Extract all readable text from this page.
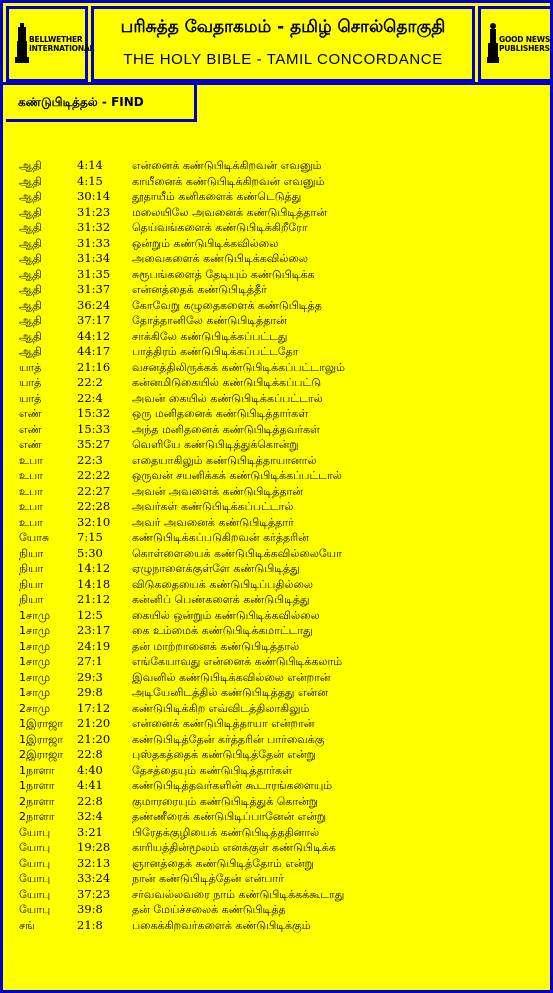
BELLWETHER
INTERNATIONAL
பரிசுத்த வேதாகமம் - தமிழ் சொல்தொகுதி
THE HOLY BIBLE - TAMIL CONCORDANCE
GOOD NEWS
PUBLISHERS
கண்டுபிடித்தல் - FIND
ஆதி	4:14	என்னைக் கண்டுபிடிக்கிறவன் எவனும்
ஆதி	4:15	காயீனைக் கண்டுபிடிக்கிறவன் எவனும்
ஆதி	30:14	தூதாயீம் கனிகளைக் கண்டெடுத்து
ஆதி	31:23	மலையிலே அவனைக் கண்டுபிடித்தான்
ஆதி	31:32	தெய்வங்களைக் கண்டுபிடிக்கிறீரோ
ஆதி	31:33	ஒன்றும் கண்டுபிடிக்கவில்லை
ஆதி	31:34	அவைகளைக் கண்டுபிடிக்கவில்லை
ஆதி	31:35	சுரூபங்களைத் தேடியும் கண்டுபிடிக்க
ஆதி	31:37	என்னத்தைக் கண்டுபிடித்தீர்
ஆதி	36:24	கோவேறு கழுதைகளைக் கண்டுபிடித்த
ஆதி	37:17	தோத்தானிலே கண்டுபிடித்தான்
ஆதி	44:12	சாக்கிலே கண்டுபிடிக்கப்பட்டது
ஆதி	44:17	பாத்திரம் கண்டுபிடிக்கப்பட்டதோ
யாத்	21:16	வசனத்திலிருக்கக் கண்டுபிடிக்கப்பட்டாலும்
யாத்	22:2	கன்னமிடுகையில் கண்டுபிடிக்கப்பட்டு
யாத்	22:4	அவன் கையில் கண்டுபிடிக்கப்பட்டால்
எண்	15:32	ஒரு மனிதனைக் கண்டுபிடித்தார்கள்
எண்	15:33	அந்த மனிதனைக் கண்டுபிடித்தவர்கள்
எண்	35:27	வெளியே கண்டுபிடித்துக்கொன்று
உபா	22:3	எதையாகிலும் கண்டுபிடித்தாயானால்
உபா	22:22	ஒருவன் சயனிக்கக் கண்டுபிடிக்கப்பட்டால்
உபா	22:27	அவன் அவளைக் கண்டுபிடித்தான்
உபா	22:28	அவர்கள் கண்டுபிடிக்கப்பட்டால்
உபா	32:10	அவர் அவனைக் கண்டுபிடித்தார்
யோசு	7:15	கண்டுபிடிக்கப்படுகிறவன் கர்த்தரின்
நியா	5:30	கொள்ளையைக் கண்டுபிடிக்கவில்லையோ
நியா	14:12	ஏழுநாளைக்குள்ளே கண்டுபிடித்து
நியா	14:18	விடுகதையைக் கண்டுபிடிப்பதில்லை
நியா	21:12	கன்னிப் பெண்களைக் கண்டுபிடித்து
1சாமு	12:5	கையில் ஒன்றும் கண்டுபிடிக்கவில்லை
1சாமு	23:17	கை உம்மைக் கண்டுபிடிக்கமாட்டாது
1சாமு	24:19	தன் மாற்றானைக் கண்டுபிடித்தால்
1சாமு	27:1	எங்கேயாவது என்னைக் கண்டுபிடிக்கலாம்
1சாமு	29:3	இவனில் கண்டுபிடிக்கவில்லை என்றான்
1சாமு	29:8	அடியேனிடத்தில் கண்டுபிடித்தது என்ன
2சாமு	17:12	கண்டுபிடிக்கிற எவ்விடத்திலாகிலும்
1இராஜா	21:20	என்னைக் கண்டுபிடித்தாயா என்றான்
1இராஜா	21:20	கண்டுபிடித்தேன் கர்த்தரின் பார்வைக்கு
2இராஜா	22:8	புஸ்தகத்தைக் கண்டுபிடித்தேன் என்று
1நாளா	4:40	தேசத்தையும் கண்டுபிடித்தார்கள்
1நாளா	4:41	கண்டுபிடித்தவர்களின் கூடாரங்களையும்
2நாளா	22:8	குமாரரையும் கண்டுபிடித்துக் கொன்று
2நாளா	32:4	தண்ணீரைக் கண்டுபிடிப்பானேன் என்று
யோபு	3:21	பிரேதக்குழியைக் கண்டுபிடித்ததினால்
யோபு	19:28	காரியத்தின்மூலம் எனக்குள் கண்டுபிடிக்க
யோபு	32:13	ஞானத்தைக் கண்டுபிடித்தோம் என்று
யோபு	33:24	நான் கண்டுபிடித்தேன் என்பார்
யோபு	37:23	சர்வவல்லவரை நாம் கண்டுபிடிக்கக்கூடாது
யோபு	39:8	தன் மேய்ச்சலைக் கண்டுபிடித்த
சங்	21:8	பகைக்கிறவர்களைக் கண்டுபிடிக்கும்
